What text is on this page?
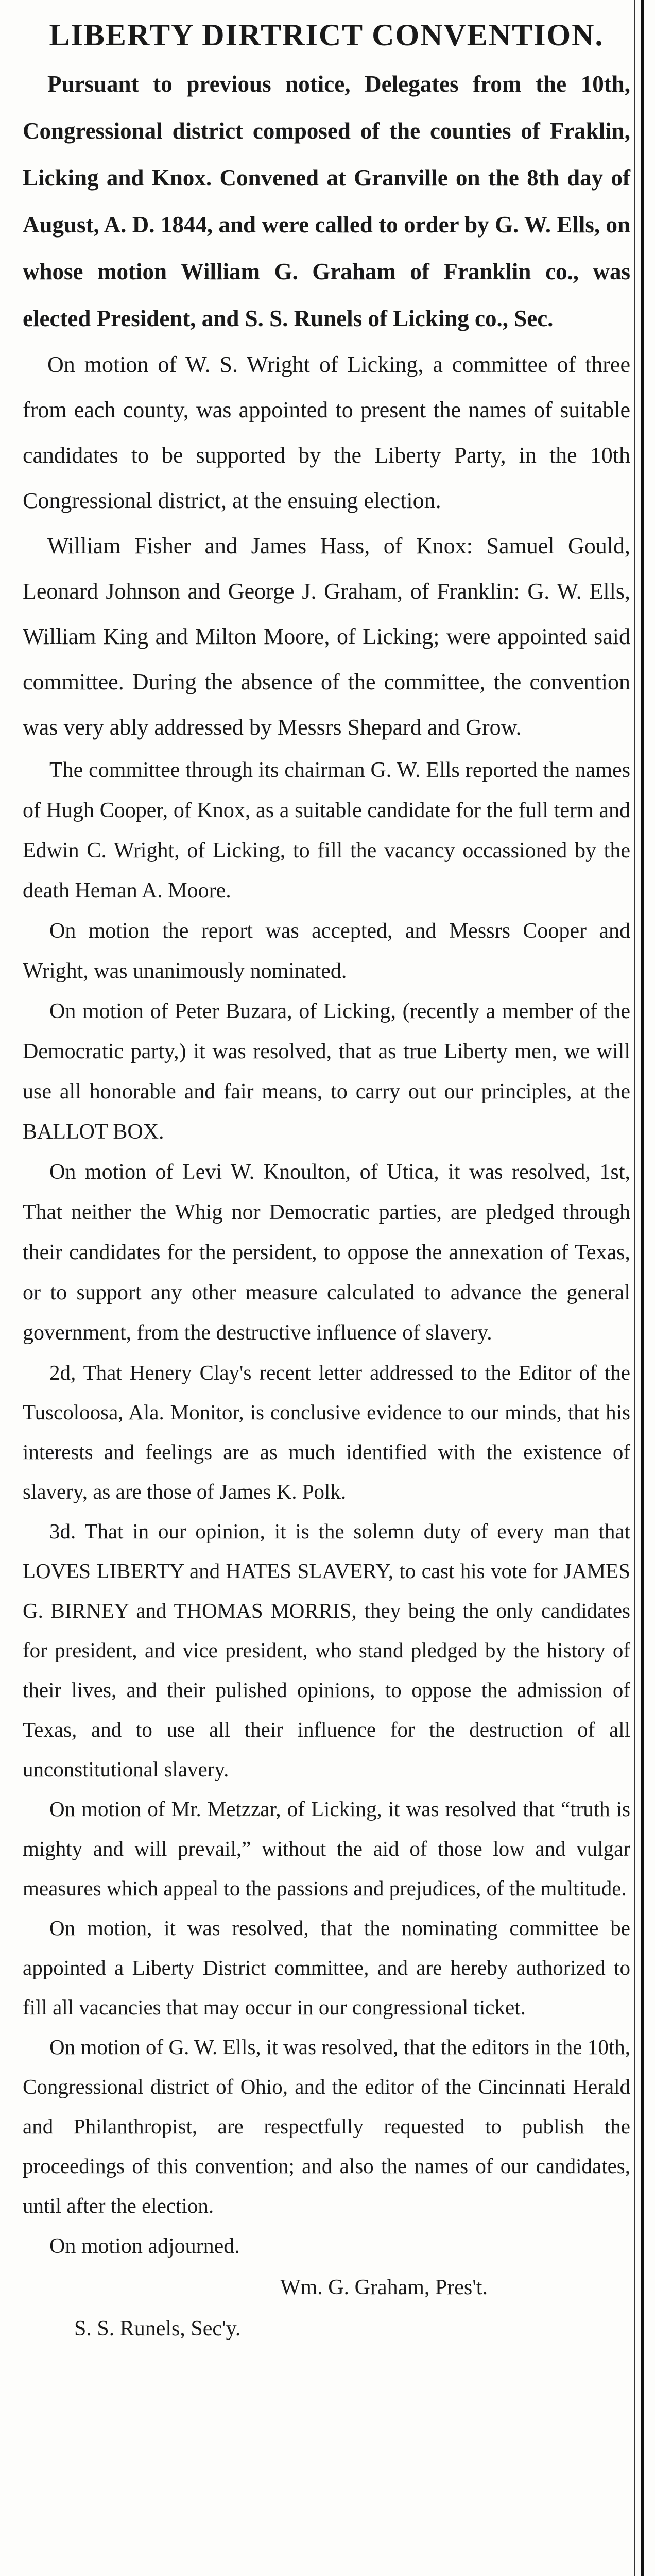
LIBERTY DIRTRICT CONVENTION.

Pursuant to previous notice, Delegates from the 10th, Congressional district composed of the counties of Fraklin, Licking and Knox. Convened at Granville on the 8th day of August, A. D. 1844, and were called to order by G. W. Ells, on whose motion William G. Graham of Franklin co., was elected President, and S. S. Runels of Licking co., Sec.

On motion of W. S. Wright of Licking, a committee of three from each county, was appointed to present the names of suitable candidates to be supported by the Liberty Party, in the 10th Congressional district, at the ensuing election.

William Fisher and James Hass, of Knox: Samuel Gould, Leonard Johnson and George J. Graham, of Franklin: G. W. Ells, William King and Milton Moore, of Licking; were appointed said committee. During the absence of the committee, the convention was very ably addressed by Messrs Shepard and Grow.

The committee through its chairman G. W. Ells reported the names of Hugh Cooper, of Knox, as a suitable candidate for the full term and Edwin C. Wright, of Licking, to fill the vacancy occassioned by the death Heman A. Moore.

On motion the report was accepted, and Messrs Cooper and Wright, was unanimously nominated.

On motion of Peter Buzara, of Licking, (recently a member of the Democratic party,) it was resolved, that as true Liberty men, we will use all honorable and fair means, to carry out our principles, at the BALLOT BOX.

On motion of Levi W. Knoulton, of Utica, it was resolved, 1st, That neither the Whig nor Democratic parties, are pledged through their candidates for the persident, to oppose the annexation of Texas, or to support any other measure calculated to advance the general government, from the destructive influence of slavery.

2d, That Henery Clay's recent letter addressed to the Editor of the Tuscoloosa, Ala. Monitor, is conclusive evidence to our minds, that his interests and feelings are as much identified with the existence of slavery, as are those of James K. Polk.

3d. That in our opinion, it is the solemn duty of every man that LOVES LIBERTY and HATES SLAVERY, to cast his vote for JAMES G. BIRNEY and THOMAS MORRIS, they being the only candidates for president, and vice president, who stand pledged by the history of their lives, and their pulished opinions, to oppose the admission of Texas, and to use all their influence for the destruction of all unconstitutional slavery.

On motion of Mr. Metzzar, of Licking, it was resolved that “truth is mighty and will prevail,” without the aid of those low and vulgar measures which appeal to the passions and prejudices, of the multitude.

On motion, it was resolved, that the nominating committee be appointed a Liberty District committee, and are hereby authorized to fill all vacancies that may occur in our congressional ticket.

On motion of G. W. Ells, it was resolved, that the editors in the 10th, Congressional district of Ohio, and the editor of the Cincinnati Herald and Philanthropist, are respectfully requested to publish the proceedings of this convention; and also the names of our candidates, until after the election.

On motion adjourned.

Wm. G. Graham, Pres't.

S. S. Runels, Sec'y.
